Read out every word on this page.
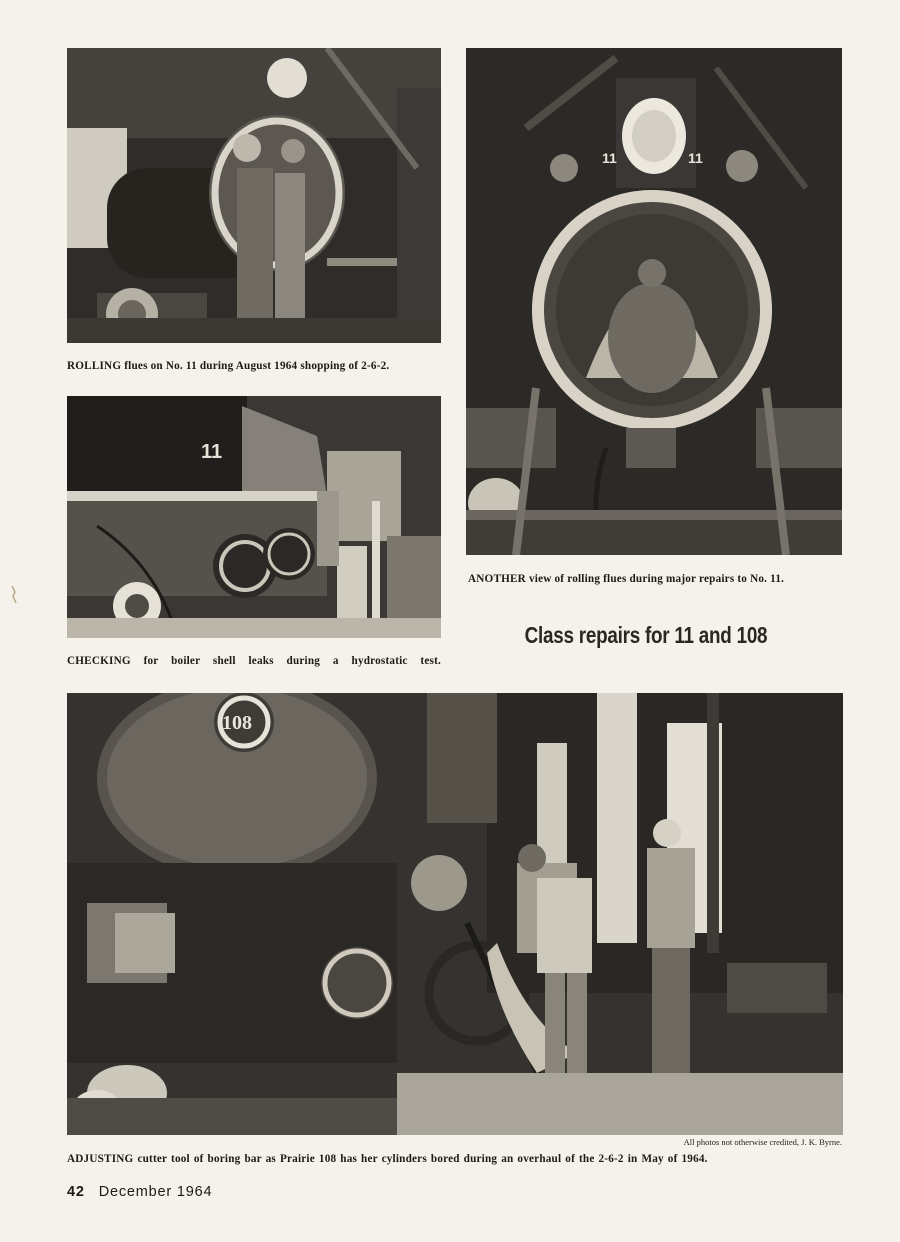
ROLLING flues on No. 11 during August 1964 shopping of 2-6-2.
11	11
11
CHECKING for boiler shell leaks during a hydrostatic test.
ANOTHER view of rolling flues during major repairs to No. 11.
Class repairs for 11 and 108
108
All photos not otherwise credited, J. K. Byrne.
ADJUSTING cutter tool of boring bar as Prairie 108 has her cylinders bored during an overhaul of the 2-6-2 in May of 1964.
42 December 1964
